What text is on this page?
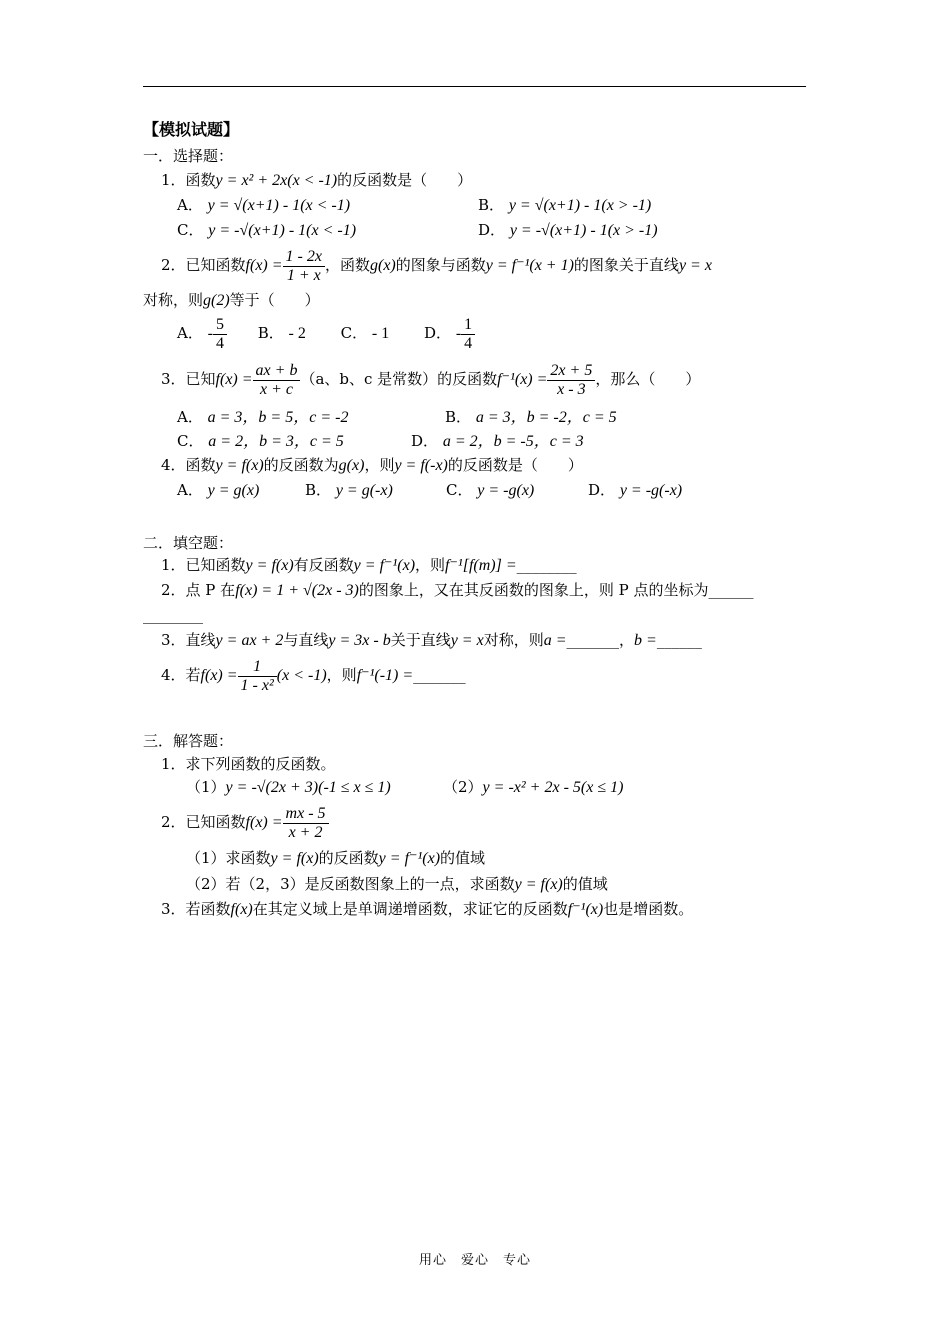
【模拟试题】
一．选择题：
1．函数y = x² + 2x(x < -1)的反函数是（　　）
A． y = √(x+1) - 1(x < -1)	B． y = √(x+1) - 1(x > -1)
C． y = -√(x+1) - 1(x < -1)	D． y = -√(x+1) - 1(x > -1)
2．已知函数$f(x) = \frac{1 - 2x}{1 + x}$ ，函数g(x)的图象与函数y = f⁻¹(x + 1)的图象关于直线y = x
对称，则g(2)等于（　　）
A． - $\frac{5}{4}$ B． - 2 C． - 1 D． - $\frac{1}{4}$
3．已知$f(x) = \frac{ax + b}{x + c} (a$、b、c 是常数）的反函数$f^{-1}(x) = \frac{2x + 5}{x - 3}$ ，那么（　　）
A． a = 3，b = 5，c = -2	B． a = 3，b = -2，c = 5
C． a = 2，b = 3，c = 5	D． a = 2，b = -5，c = 3
4．函数y = f(x)的反函数为g(x)，则y = f(-x)的反函数是（　　）
A． y = g(x)	B． y = g(-x)	C． y = -g(x)	D． y = -g(-x)
二．填空题：
1．已知函数y = f(x)有反函数y = f⁻¹(x)，则f⁻¹[f(m)] =________
2．点 P 在f(x) = 1 + √(2x - 3)的图象上，又在其反函数的图象上，则 P 点的坐标为______
________
3．直线y = ax + 2与直线y = 3x - b关于直线y = x对称，则a =_______，b =______
4．若$f(x) = \frac{1}{\text{1 - x²}} (x < -1)$，则f⁻¹(-1) =_______
三．解答题：
1．求下列函数的反函数。
（1）y = -√(2x + 3)(-1 ≤ x ≤ 1)	（2）y = -x² + 2x - 5(x ≤ 1)
2．已知函数$f(x) = \frac{mx - 5}{x + 2}$
（1）求函数y = f(x)的反函数y = f⁻¹(x)的值域
（2）若（2，3）是反函数图象上的一点，求函数y = f(x)的值域
3．若函数f(x)在其定义域上是单调递增函数，求证它的反函数f⁻¹(x)也是增函数。
用心　爱心　专心
